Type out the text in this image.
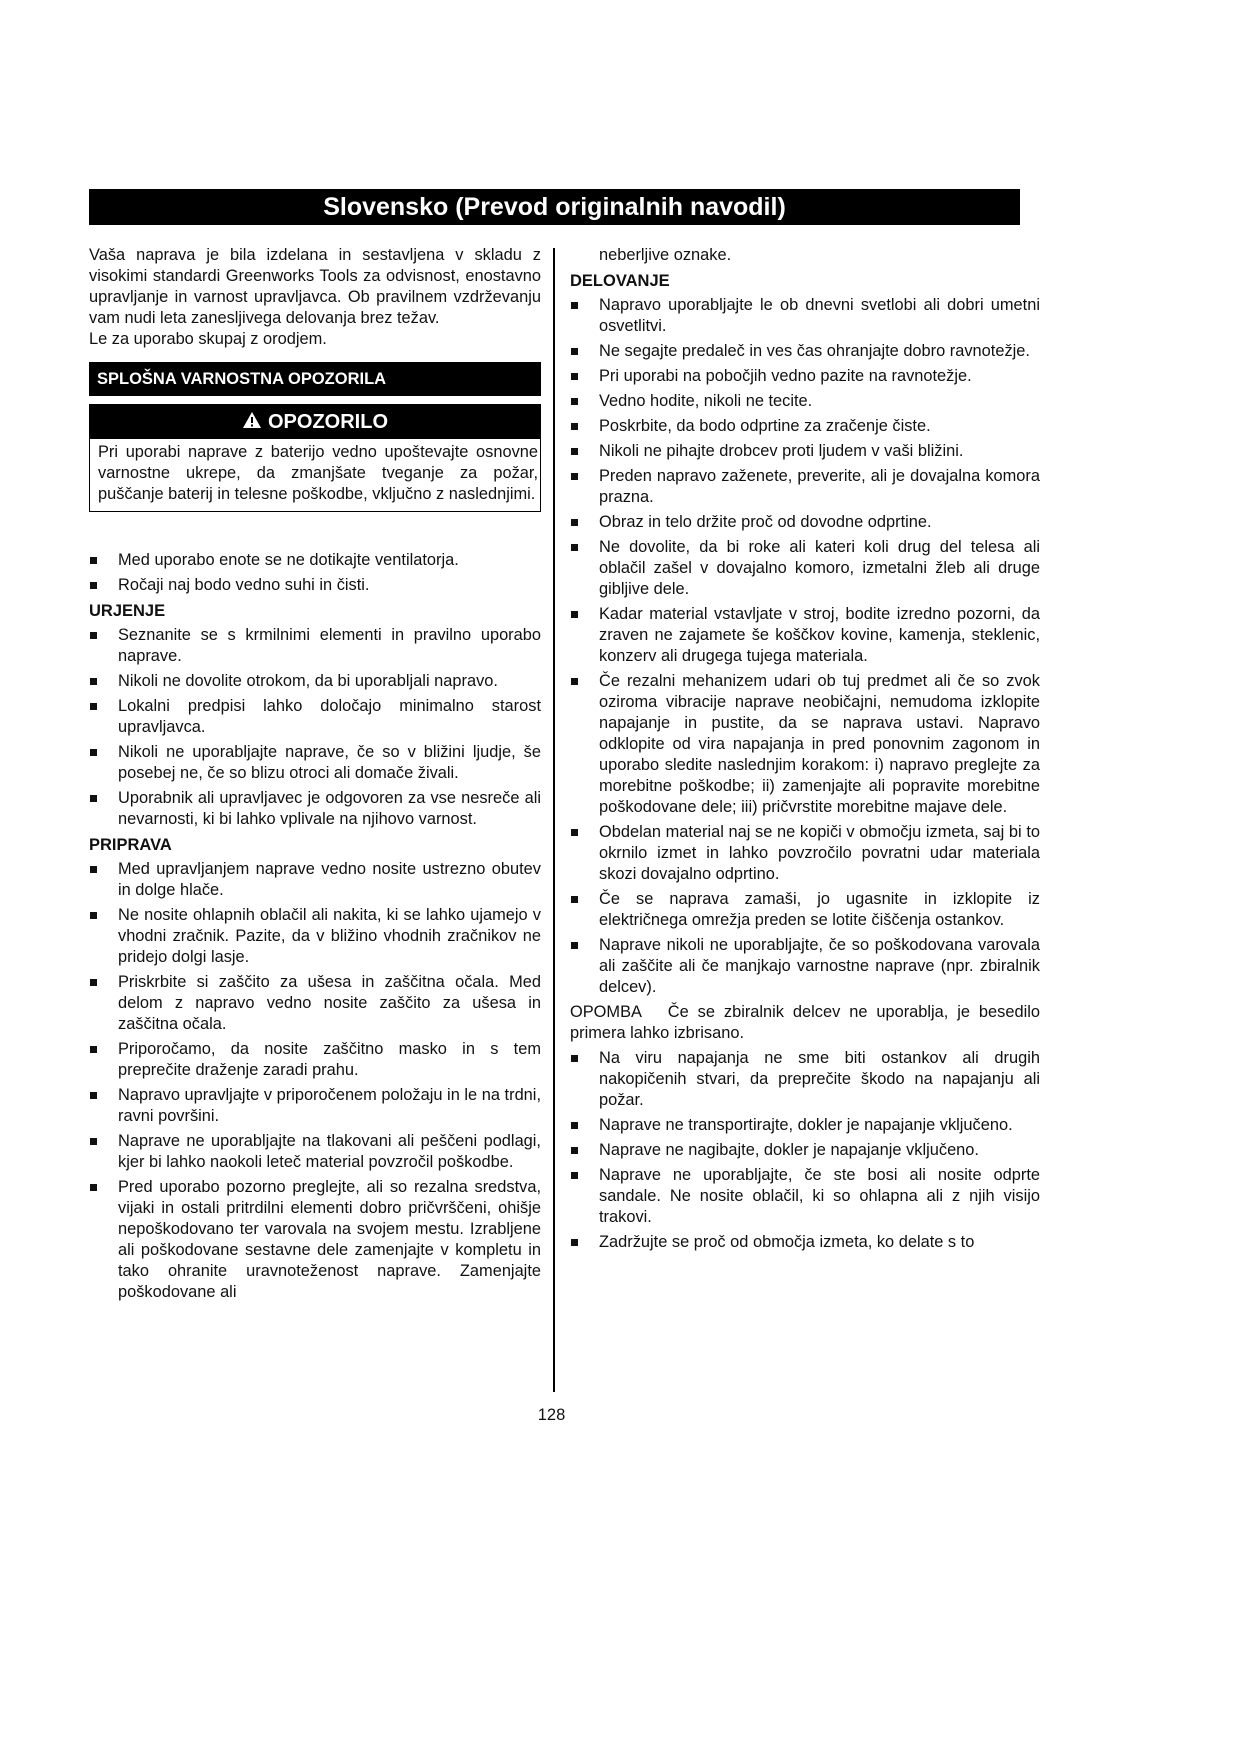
Slovensko (Prevod originalnih navodil)

Vaša naprava je bila izdelana in sestavljena v skladu z visokimi standardi Greenworks Tools za odvisnost, enostavno upravljanje in varnost upravljavca. Ob pravilnem vzdrževanju vam nudi leta zanesljivega delovanja brez težav.

Le za uporabo skupaj z orodjem.

SPLOŠNA VARNOSTNA OPOZORILA
OPOZORILO

Pri uporabi naprave z baterijo vedno upoštevajte osnovne varnostne ukrepe, da zmanjšate tveganje za požar, puščanje baterij in telesne poškodbe, vključno z naslednjimi.

Med uporabo enote se ne dotikajte ventilatorja.
Ročaji naj bodo vedno suhi in čisti.
URJENJE
Seznanite se s krmilnimi elementi in pravilno uporabo naprave.
Nikoli ne dovolite otrokom, da bi uporabljali napravo.
Lokalni predpisi lahko določajo minimalno starost upravljavca.
Nikoli ne uporabljajte naprave, če so v bližini ljudje, še posebej ne, če so blizu otroci ali domače živali.
Uporabnik ali upravljavec je odgovoren za vse nesreče ali nevarnosti, ki bi lahko vplivale na njihovo varnost.
PRIPRAVA
Med upravljanjem naprave vedno nosite ustrezno obutev in dolge hlače.
Ne nosite ohlapnih oblačil ali nakita, ki se lahko ujamejo v vhodni zračnik. Pazite, da v bližino vhodnih zračnikov ne pridejo dolgi lasje.
Priskrbite si zaščito za ušesa in zaščitna očala. Med delom z napravo vedno nosite zaščito za ušesa in zaščitna očala.
Priporočamo, da nosite zaščitno masko in s tem preprečite draženje zaradi prahu.
Napravo upravljajte v priporočenem položaju in le na trdni, ravni površini.
Naprave ne uporabljajte na tlakovani ali peščeni podlagi, kjer bi lahko naokoli leteč material povzročil poškodbe.
Pred uporabo pozorno preglejte, ali so rezalna sredstva, vijaki in ostali pritrdilni elementi dobro pričvrščeni, ohišje nepoškodovano ter varovala na svojem mestu. Izrabljene ali poškodovane sestavne dele zamenjajte v kompletu in tako ohranite uravnoteženost naprave. Zamenjajte poškodovane ali

neberljive oznake.

DELOVANJE
Napravo uporabljajte le ob dnevni svetlobi ali dobri umetni osvetlitvi.
Ne segajte predaleč in ves čas ohranjajte dobro ravnotežje.
Pri uporabi na pobočjih vedno pazite na ravnotežje.
Vedno hodite, nikoli ne tecite.
Poskrbite, da bodo odprtine za zračenje čiste.
Nikoli ne pihajte drobcev proti ljudem v vaši bližini.
Preden napravo zaženete, preverite, ali je dovajalna komora prazna.
Obraz in telo držite proč od dovodne odprtine.
Ne dovolite, da bi roke ali kateri koli drug del telesa ali oblačil zašel v dovajalno komoro, izmetalni žleb ali druge gibljive dele.
Kadar material vstavljate v stroj, bodite izredno pozorni, da zraven ne zajamete še koščkov kovine, kamenja, steklenic, konzerv ali drugega tujega materiala.
Če rezalni mehanizem udari ob tuj predmet ali če so zvok oziroma vibracije naprave neobičajni, nemudoma izklopite napajanje in pustite, da se naprava ustavi. Napravo odklopite od vira napajanja in pred ponovnim zagonom in uporabo sledite naslednjim korakom: i) napravo preglejte za morebitne poškodbe; ii) zamenjajte ali popravite morebitne poškodovane dele; iii) pričvrstite morebitne majave dele.
Obdelan material naj se ne kopiči v območju izmeta, saj bi to okrnilo izmet in lahko povzročilo povratni udar materiala skozi dovajalno odprtino.
Če se naprava zamaši, jo ugasnite in izklopite iz električnega omrežja preden se lotite čiščenja ostankov.
Naprave nikoli ne uporabljajte, če so poškodovana varovala ali zaščite ali če manjkajo varnostne naprave (npr. zbiralnik delcev).

OPOMBA   Če se zbiralnik delcev ne uporablja, je besedilo primera lahko izbrisano.

Na viru napajanja ne sme biti ostankov ali drugih nakopičenih stvari, da preprečite škodo na napajanju ali požar.
Naprave ne transportirajte, dokler je napajanje vključeno.
Naprave ne nagibajte, dokler je napajanje vključeno.
Naprave ne uporabljajte, če ste bosi ali nosite odprte sandale. Ne nosite oblačil, ki so ohlapna ali z njih visijo trakovi.
Zadržujte se proč od območja izmeta, ko delate s to
128
